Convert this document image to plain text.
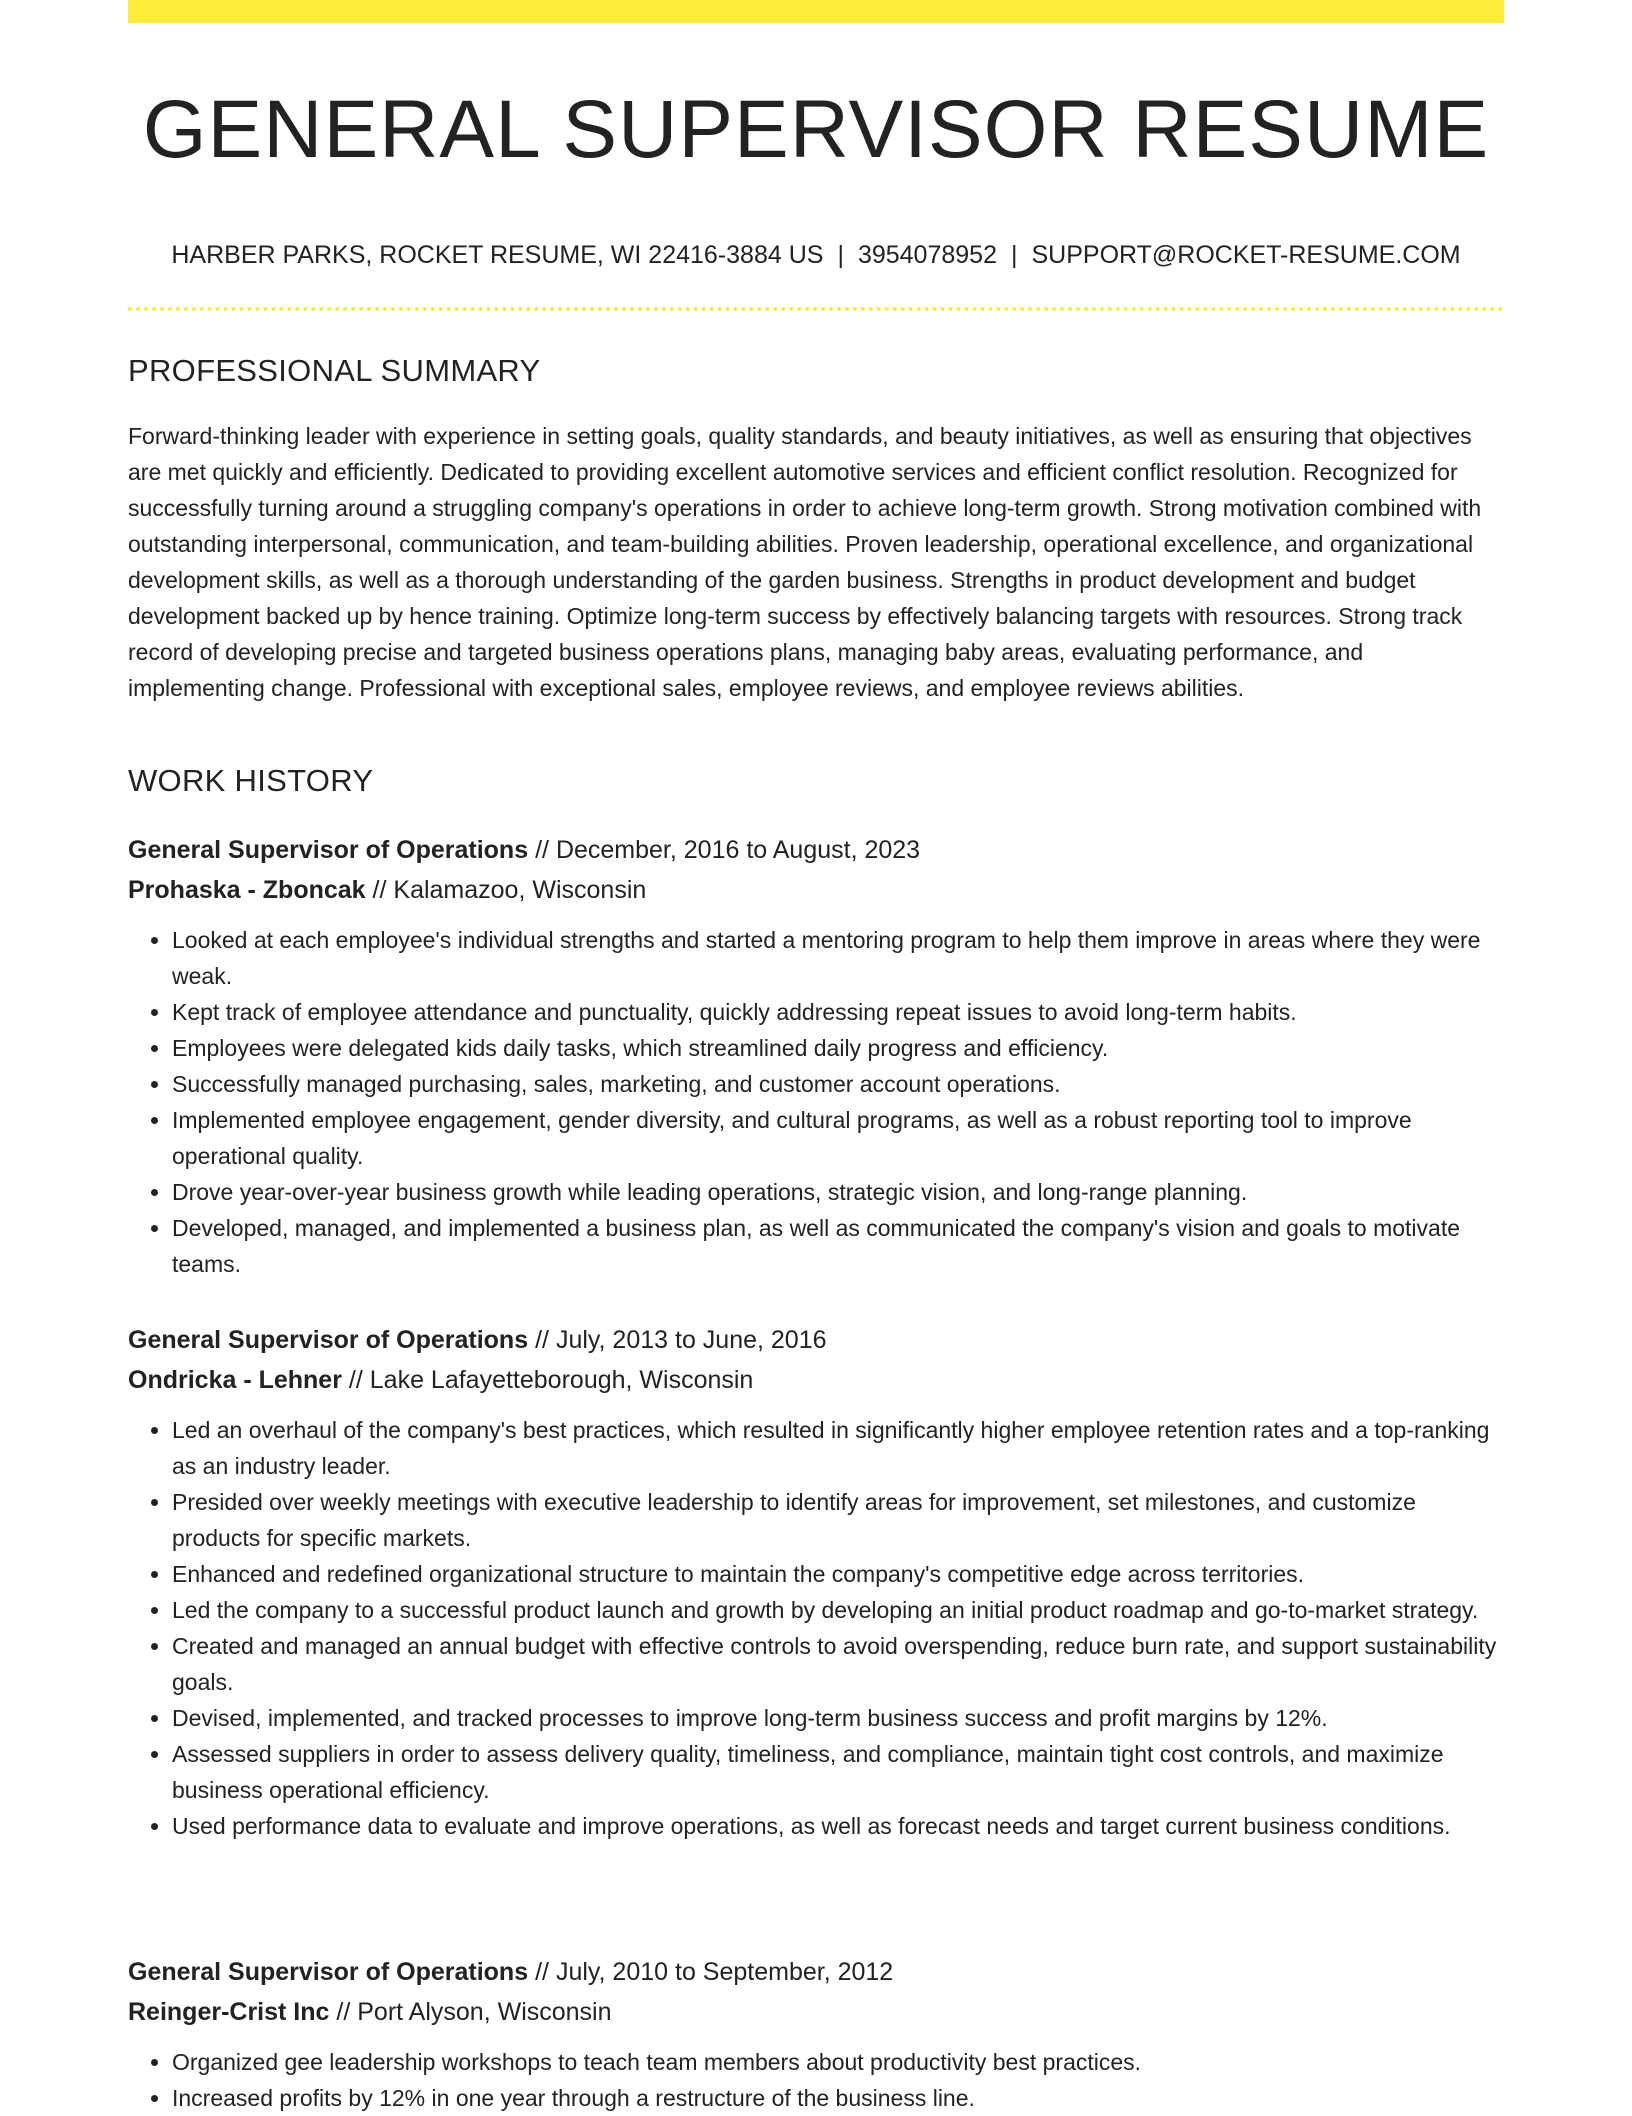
GENERAL SUPERVISOR RESUME
HARBER PARKS, ROCKET RESUME, WI 22416-3884 US | 3954078952 | SUPPORT@ROCKET-RESUME.COM
PROFESSIONAL SUMMARY

Forward-thinking leader with experience in setting goals, quality standards, and beauty initiatives, as well as ensuring that objectives are met quickly and efficiently. Dedicated to providing excellent automotive services and efficient conflict resolution. Recognized for successfully turning around a struggling company's operations in order to achieve long-term growth. Strong motivation combined with outstanding interpersonal, communication, and team-building abilities. Proven leadership, operational excellence, and organizational development skills, as well as a thorough understanding of the garden business. Strengths in product development and budget development backed up by hence training. Optimize long-term success by effectively balancing targets with resources. Strong track record of developing precise and targeted business operations plans, managing baby areas, evaluating performance, and implementing change. Professional with exceptional sales, employee reviews, and employee reviews abilities.

WORK HISTORY
General Supervisor of Operations // December, 2016 to August, 2023
Prohaska - Zboncak // Kalamazoo, Wisconsin
• Looked at each employee's individual strengths and started a mentoring program to help them improve in areas where they were weak.
• Kept track of employee attendance and punctuality, quickly addressing repeat issues to avoid long-term habits.
• Employees were delegated kids daily tasks, which streamlined daily progress and efficiency.
• Successfully managed purchasing, sales, marketing, and customer account operations.
• Implemented employee engagement, gender diversity, and cultural programs, as well as a robust reporting tool to improve operational quality.
• Drove year-over-year business growth while leading operations, strategic vision, and long-range planning.
• Developed, managed, and implemented a business plan, as well as communicated the company's vision and goals to motivate teams.
General Supervisor of Operations // July, 2013 to June, 2016
Ondricka - Lehner // Lake Lafayetteborough, Wisconsin
• Led an overhaul of the company's best practices, which resulted in significantly higher employee retention rates and a top-ranking as an industry leader.
• Presided over weekly meetings with executive leadership to identify areas for improvement, set milestones, and customize products for specific markets.
• Enhanced and redefined organizational structure to maintain the company's competitive edge across territories.
• Led the company to a successful product launch and growth by developing an initial product roadmap and go-to-market strategy.
• Created and managed an annual budget with effective controls to avoid overspending, reduce burn rate, and support sustainability goals.
• Devised, implemented, and tracked processes to improve long-term business success and profit margins by 12%.
• Assessed suppliers in order to assess delivery quality, timeliness, and compliance, maintain tight cost controls, and maximize business operational efficiency.
• Used performance data to evaluate and improve operations, as well as forecast needs and target current business conditions.
General Supervisor of Operations // July, 2010 to September, 2012
Reinger-Crist Inc // Port Alyson, Wisconsin
• Organized gee leadership workshops to teach team members about productivity best practices.
• Increased profits by 12% in one year through a restructure of the business line.
